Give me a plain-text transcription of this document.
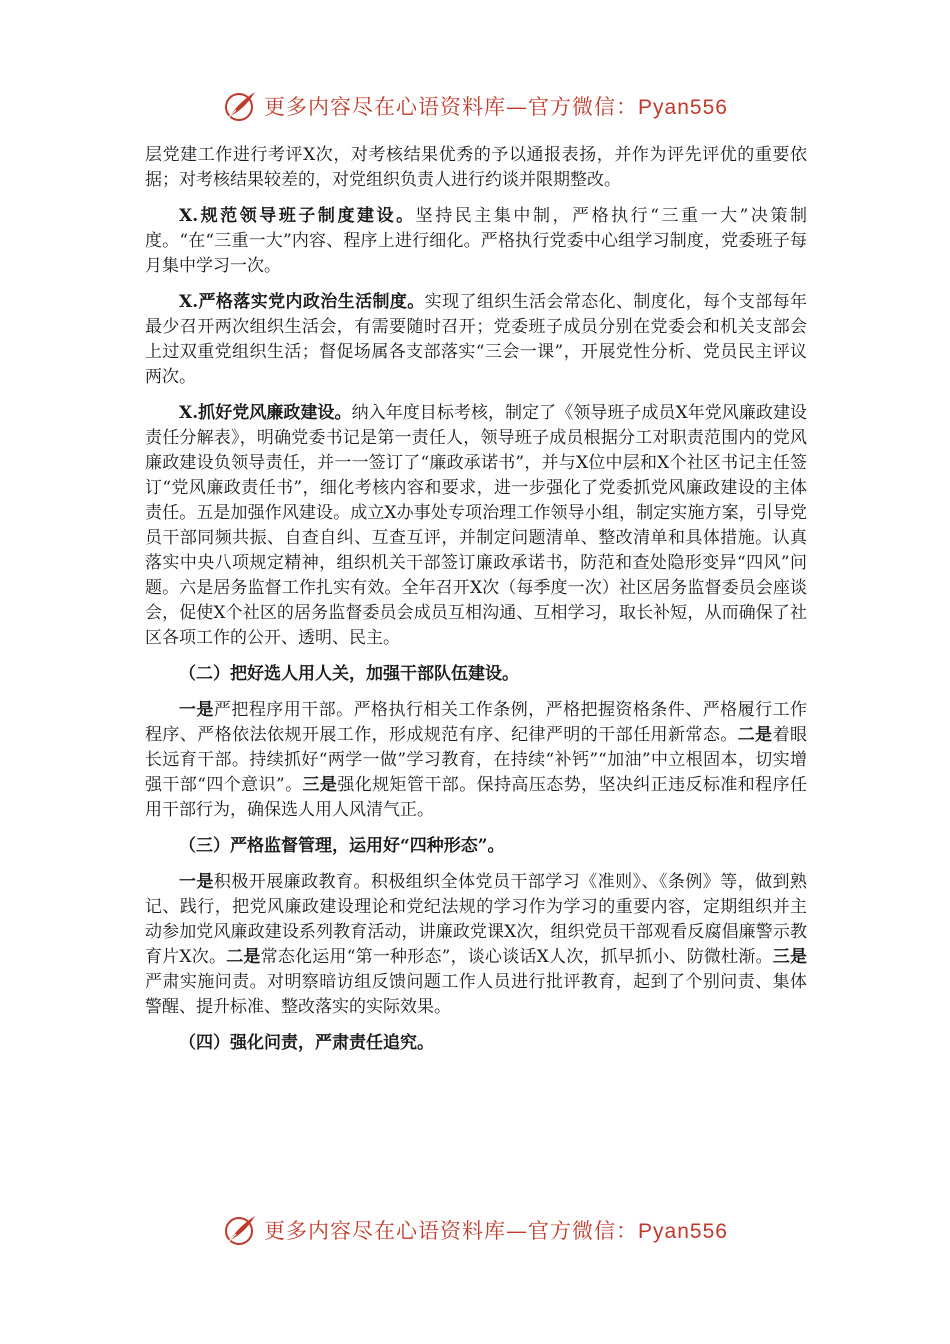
更多内容尽在心语资料库—官方微信：Pyan556

层党建工作进行考评X次，对考核结果优秀的予以通报表扬，并作为评先评优的重要依据；对考核结果较差的，对党组织负责人进行约谈并限期整改。

X.规范领导班子制度建设。坚持民主集中制，严格执行“三重一大”决策制度。“在“三重一大”内容、程序上进行细化。严格执行党委中心组学习制度，党委班子每月集中学习一次。

X.严格落实党内政治生活制度。实现了组织生活会常态化、制度化，每个支部每年最少召开两次组织生活会，有需要随时召开；党委班子成员分别在党委会和机关支部会上过双重党组织生活；督促场属各支部落实“三会一课”，开展党性分析、党员民主评议两次。

X.抓好党风廉政建设。纳入年度目标考核，制定了《领导班子成员X年党风廉政建设责任分解表》，明确党委书记是第一责任人，领导班子成员根据分工对职责范围内的党风廉政建设负领导责任，并一一签订了“廉政承诺书”，并与X位中层和X个社区书记主任签订“党风廉政责任书”，细化考核内容和要求，进一步强化了党委抓党风廉政建设的主体责任。五是加强作风建设。成立X办事处专项治理工作领导小组，制定实施方案，引导党员干部同频共振、自查自纠、互查互评，并制定问题清单、整改清单和具体措施。认真落实中央八项规定精神，组织机关干部签订廉政承诺书，防范和查处隐形变异“四风”问题。六是居务监督工作扎实有效。全年召开X次（每季度一次）社区居务监督委员会座谈会，促使X个社区的居务监督委员会成员互相沟通、互相学习，取长补短，从而确保了社区各项工作的公开、透明、民主。

（二）把好选人用人关，加强干部队伍建设。

一是严把程序用干部。严格执行相关工作条例，严格把握资格条件、严格履行工作程序、严格依法依规开展工作，形成规范有序、纪律严明的干部任用新常态。二是着眼长远育干部。持续抓好“两学一做”学习教育，在持续“补钙”“加油”中立根固本，切实增强干部“四个意识”。三是强化规矩管干部。保持高压态势，坚决纠正违反标准和程序任用干部行为，确保选人用人风清气正。

（三）严格监督管理，运用好“四种形态”。

一是积极开展廉政教育。积极组织全体党员干部学习《准则》、《条例》等，做到熟记、践行，把党风廉政建设理论和党纪法规的学习作为学习的重要内容，定期组织并主动参加党风廉政建设系列教育活动，讲廉政党课X次，组织党员干部观看反腐倡廉警示教育片X次。二是常态化运用“第一种形态”，谈心谈话X人次，抓早抓小、防微杜渐。三是严肃实施问责。对明察暗访组反馈问题工作人员进行批评教育，起到了个别问责、集体警醒、提升标准、整改落实的实际效果。

（四）强化问责，严肃责任追究。

更多内容尽在心语资料库—官方微信：Pyan556
